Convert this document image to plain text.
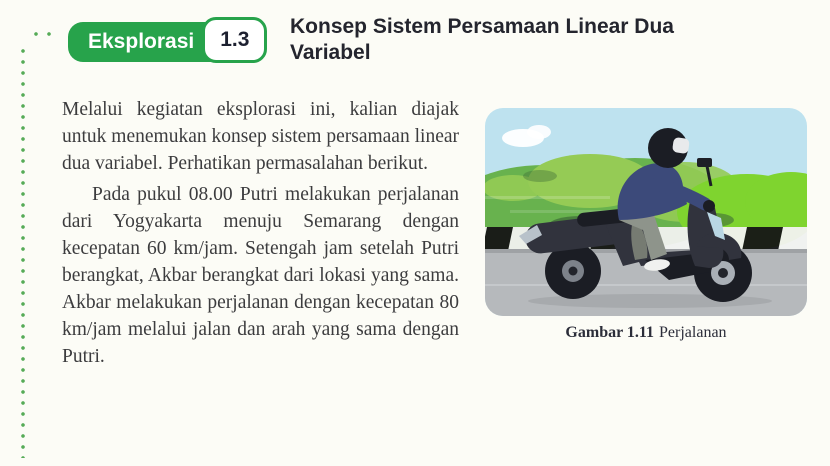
Eksplorasi	1.3
Konsep Sistem Persamaan Linear Dua Variabel
Gambar 1.11 Perjalanan

Melalui kegiatan eksplorasi ini, kalian diajak untuk menemukan konsep sistem persamaan linear dua variabel. Perhatikan permasalahan berikut.

Pada pukul 08.00 Putri melakukan perjalanan dari Yogyakarta menuju Semarang dengan kecepatan 60 km/jam. Setengah jam setelah Putri berangkat, Akbar berangkat dari lokasi yang sama. Akbar melakukan perjalanan dengan kecepatan 80 km/jam melalui jalan dan arah yang sama dengan Putri.
